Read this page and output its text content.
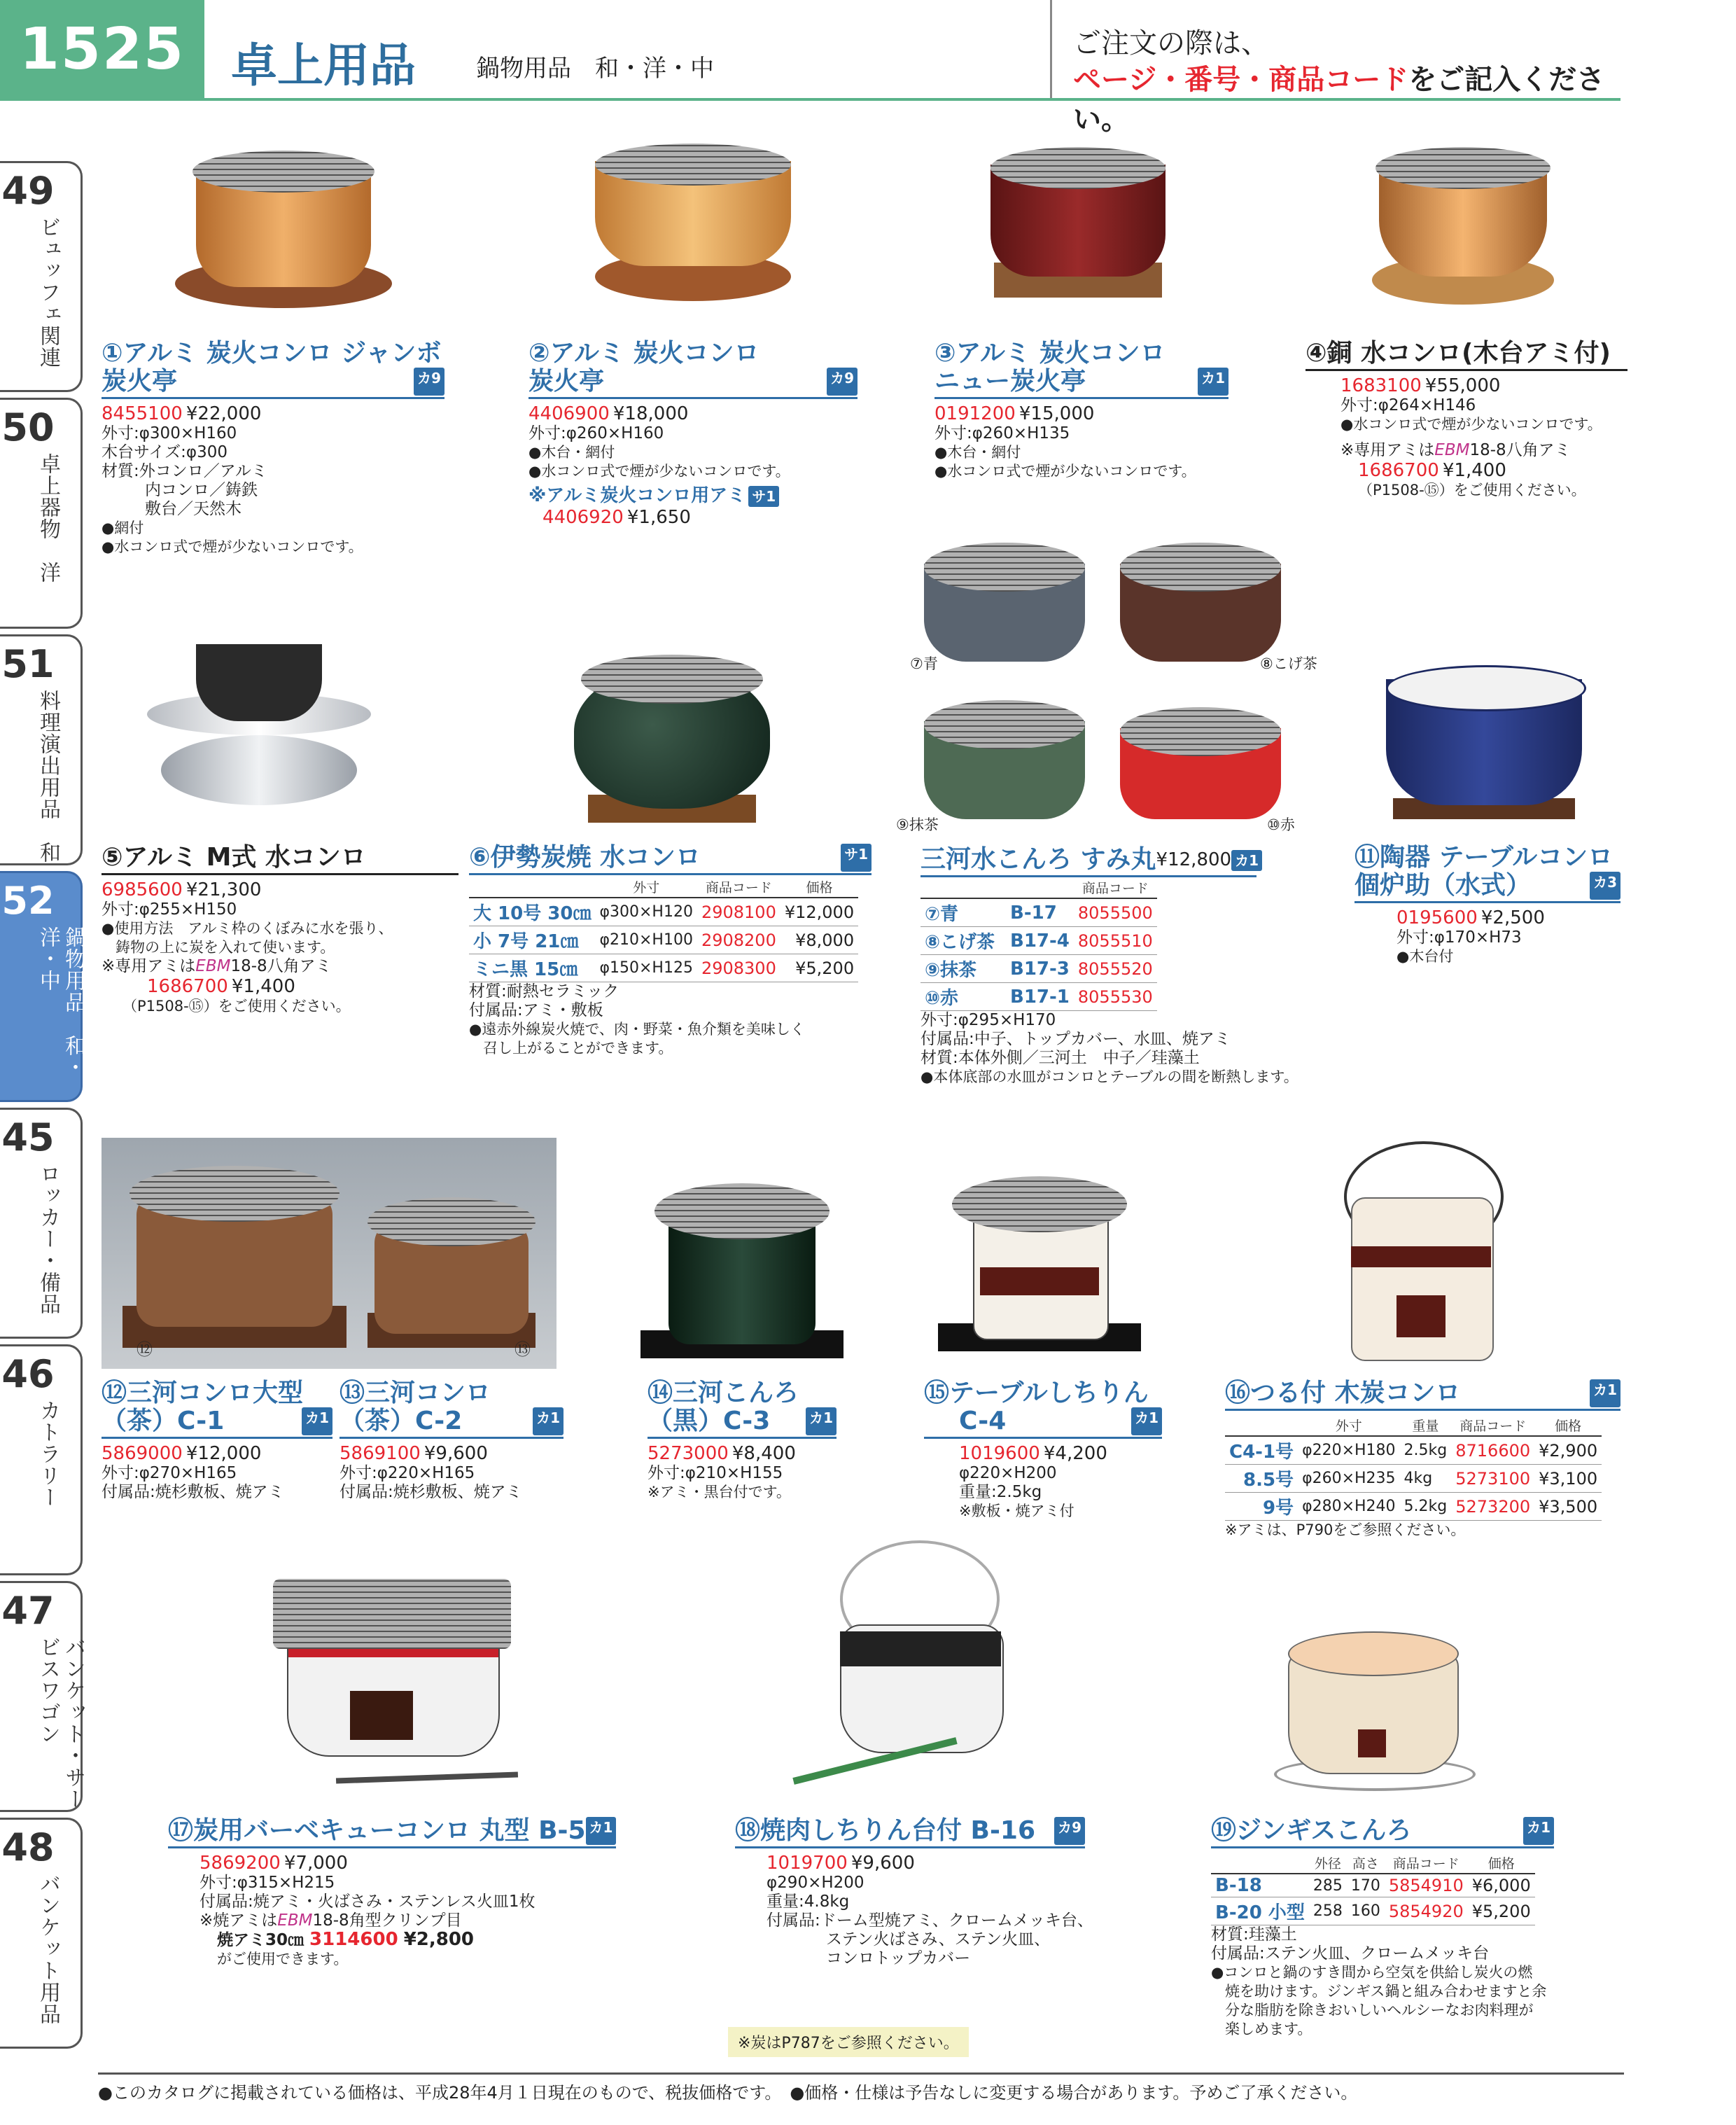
1525 卓上用品	鍋物用品　和・洋・中
ご注文の際は、
ページ・番号・商品コードをご記入ください。
49
ビュッフェ関連
50
卓上器物　洋
51
料理演出用品　和
52
鍋物用品　和・洋・中
45
ロッカー・備品
46
カトラリー
47
バンケット・サービスワゴン
48
バンケット用品
①アルミ 炭火コンロ ジャンボ
炭火亭	カ9
8455100 ¥22,000
外寸:φ300×H160
木台サイズ:φ300
材質:外コンロ／アルミ
内コンロ／鋳鉄
敷台／天然木
●網付
●水コンロ式で煙が少ないコンロです。
②アルミ 炭火コンロ
炭火亭	カ9
4406900 ¥18,000
外寸:φ260×H160
●木台・網付
●水コンロ式で煙が少ないコンロです。
※アルミ炭火コンロ用アミ サ1
4406920 ¥1,650
③アルミ 炭火コンロ
ニュー炭火亭	カ1
0191200 ¥15,000
外寸:φ260×H135
●木台・網付
●水コンロ式で煙が少ないコンロです。
④銅 水コンロ(木台アミ付)
1683100 ¥55,000
外寸:φ264×H146
●水コンロ式で煙が少ないコンロです。
※専用アミはEBM18-8八角アミ
1686700 ¥1,400
（P1508-⑮）をご使用ください。
⑦青	⑧こげ茶
⑨抹茶	⑩赤
⑤アルミ M式 水コンロ
6985600 ¥21,300
外寸:φ255×H150
●使用方法　アルミ枠のくぼみに水を張り、
鋳物の上に炭を入れて使います。
※専用アミはEBM18-8八角アミ
1686700 ¥1,400
（P1508-⑮）をご使用ください。
⑥伊勢炭焼 水コンロ	サ1
	外寸	商品コード	価格
大 10号 30㎝	φ300×H120	2908100	¥12,000
小 7号 21㎝	φ210×H100	2908200	¥8,000
ミニ黒 15㎝	φ150×H125	2908300	¥5,200
材質:耐熱セラミック
付属品:アミ・敷板
●遠赤外線炭火焼で、肉・野菜・魚介類を美味しく
召し上がることができます。
三河水こんろ すみ丸 ¥12,800 カ1
		商品コード
⑦青	B-17	8055500
⑧こげ茶	B17-4	8055510
⑨抹茶	B17-3	8055520
⑩赤	B17-1	8055530
外寸:φ295×H170
付属品:中子、トップカバー、水皿、焼アミ
材質:本体外側／三河土　中子／珪藻土
●本体底部の水皿がコンロとテーブルの間を断熱します。
⑪陶器 テーブルコンロ
個炉助（水式）	カ3
0195600 ¥2,500
外寸:φ170×H73
●木台付
⑫	⑬
⑫三河コンロ大型
（茶）C-1	カ1
5869000 ¥12,000
外寸:φ270×H165
付属品:焼杉敷板、焼アミ
⑬三河コンロ
（茶）C-2	カ1
5869100 ¥9,600
外寸:φ220×H165
付属品:焼杉敷板、焼アミ
⑭三河こんろ
（黒）C-3	カ1
5273000 ¥8,400
外寸:φ210×H155
※アミ・黒台付です。
⑮テーブルしちりん
C-4	カ1
1019600 ¥4,200
φ220×H200
重量:2.5kg
※敷板・焼アミ付
⑯つる付 木炭コンロ	カ1
	外寸	重量	商品コード	価格
C4-1号	φ220×H180	2.5kg	8716600	¥2,900
8.5号	φ260×H235	4kg	5273100	¥3,100
9号	φ280×H240	5.2kg	5273200	¥3,500
※アミは、P790をご参照ください。
⑰炭用バーベキューコンロ 丸型 B-5 カ1
5869200 ¥7,000
外寸:φ315×H215
付属品:焼アミ・火ばさみ・ステンレス火皿1枚
※焼アミはEBM18-8角型クリンプ目
焼アミ30㎝ 3114600 ¥2,800
がご使用できます。
⑱焼肉しちりん台付 B-16 カ9
1019700 ¥9,600
φ290×H200
重量:4.8kg
付属品:ドーム型焼アミ、クロームメッキ台、
ステン火ばさみ、ステン火皿、
コンロトップカバー
⑲ジンギスこんろ	カ1
	外径	高さ	商品コード	価格
B-18	285	170	5854910	¥6,000
B-20 小型	258	160	5854920	¥5,200
材質:珪藻土
付属品:ステン火皿、クロームメッキ台
●コンロと鍋のすき間から空気を供給し炭火の燃
焼を助けます。ジンギス鍋と組み合わせますと余
分な脂肪を除きおいしいヘルシーなお肉料理が
楽しめます。
※炭はP787をご参照ください。
●このカタログに掲載されている価格は、平成28年4月１日現在のもので、税抜価格です。　●価格・仕様は予告なしに変更する場合があります。予めご了承ください。
